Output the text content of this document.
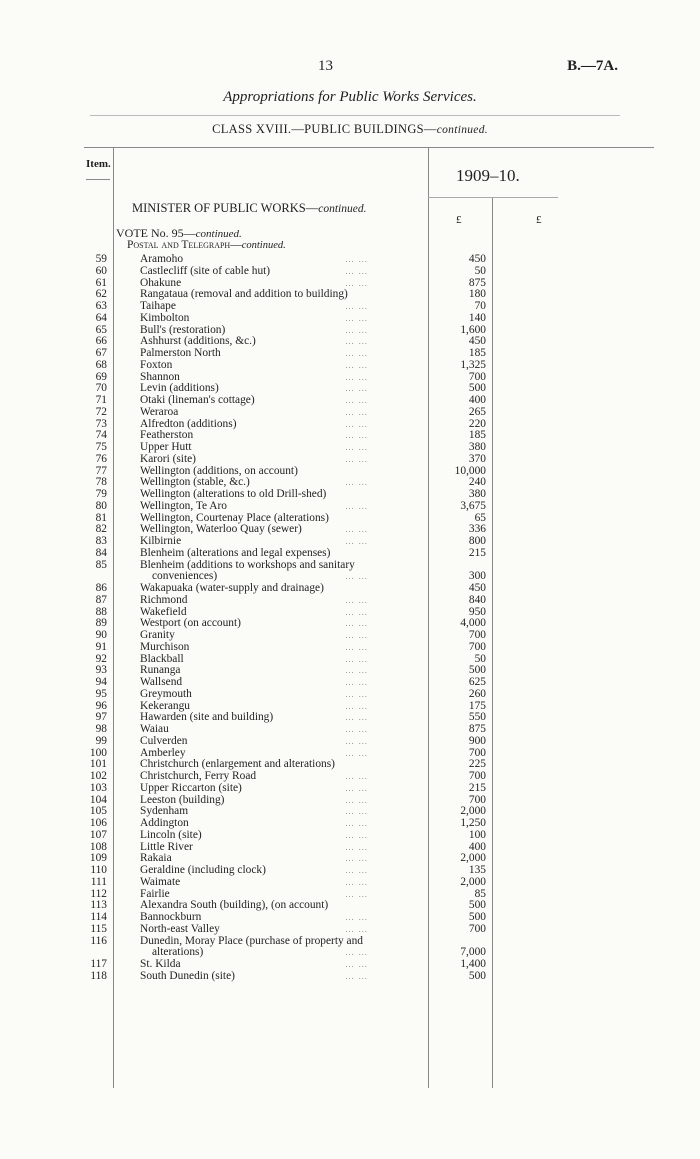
13	B.—7A.
Appropriations for Public Works Services.
CLASS XVIII.—PUBLIC BUILDINGS—continued.
Item.
1909–10.
£	£
MINISTER OF PUBLIC WORKS—continued.
VOTE No. 95—continued.
Postal and Telegraph—continued.
59	Aramoho	… …	450
60	Castlecliff (site of cable hut)	… …	50
61	Ohakune	… …	875
62	Rangataua (removal and addition to building)	180
63	Taihape	… …	70
64	Kimbolton	… …	140
65	Bull's (restoration)	… …	1,600
66	Ashhurst (additions, &c.)	… …	450
67	Palmerston North	… …	185
68	Foxton	… …	1,325
69	Shannon	… …	700
70	Levin (additions)	… …	500
71	Otaki (lineman's cottage)	… …	400
72	Weraroa	… …	265
73	Alfredton (additions)	… …	220
74	Featherston	… …	185
75	Upper Hutt	… …	380
76	Karori (site)	… …	370
77	Wellington (additions, on account)	10,000
78	Wellington (stable, &c.)	… …	240
79	Wellington (alterations to old Drill-shed)	380
80	Wellington, Te Aro	… …	3,675
81	Wellington, Courtenay Place (alterations)	65
82	Wellington, Waterloo Quay (sewer)	… …	336
83	Kilbirnie	… …	800
84	Blenheim (alterations and legal expenses)	215
85	Blenheim (additions to workshops and sanitary
conveniences)	… …	300
86	Wakapuaka (water-supply and drainage)	450
87	Richmond	… …	840
88	Wakefield	… …	950
89	Westport (on account)	… …	4,000
90	Granity	… …	700
91	Murchison	… …	700
92	Blackball	… …	50
93	Runanga	… …	500
94	Wallsend	… …	625
95	Greymouth	… …	260
96	Kekerangu	… …	175
97	Hawarden (site and building)	… …	550
98	Waiau	… …	875
99	Culverden	… …	900
100	Amberley	… …	700
101	Christchurch (enlargement and alterations)	225
102	Christchurch, Ferry Road	… …	700
103	Upper Riccarton (site)	… …	215
104	Leeston (building)	… …	700
105	Sydenham	… …	2,000
106	Addington	… …	1,250
107	Lincoln (site)	… …	100
108	Little River	… …	400
109	Rakaia	… …	2,000
110	Geraldine (including clock)	… …	135
111	Waimate	… …	2,000
112	Fairlie	… …	85
113	Alexandra South (building), (on account)	500
114	Bannockburn	… …	500
115	North-east Valley	… …	700
116	Dunedin, Moray Place (purchase of property and
alterations)	… …	7,000
117	St. Kilda	… …	1,400
118	South Dunedin (site)	… …	500
